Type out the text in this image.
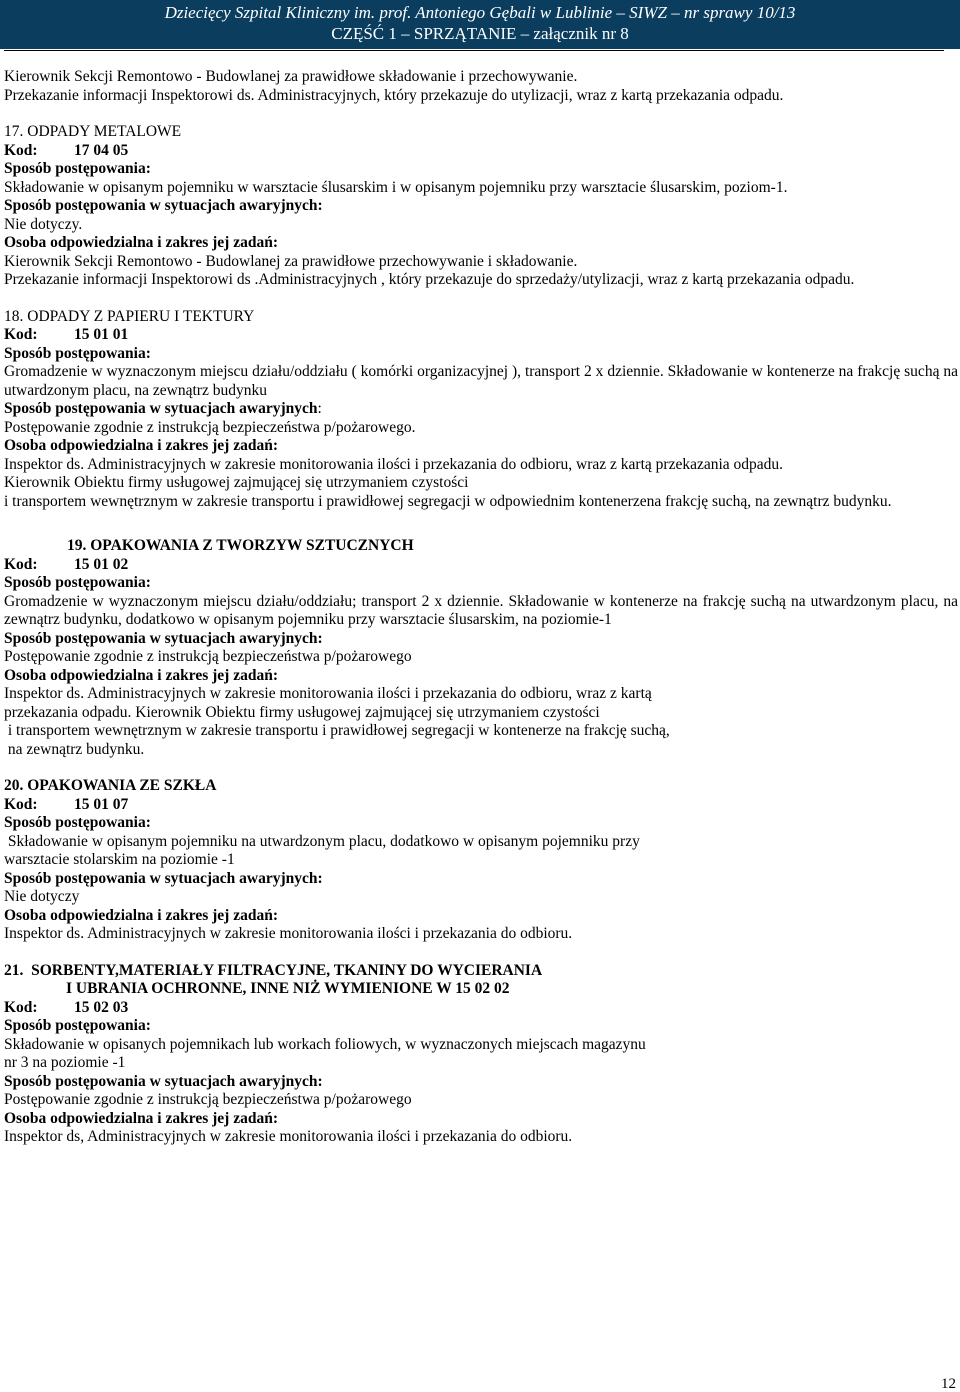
Dziecięcy Szpital Kliniczny im. prof. Antoniego Gębali w Lublinie – SIWZ – nr sprawy 10/13
CZĘŚĆ 1 – SPRZĄTANIE – załącznik nr 8

Kierownik Sekcji Remontowo - Budowlanej za prawidłowe składowanie i przechowywanie.

Przekazanie informacji Inspektorowi ds. Administracyjnych, który przekazuje do utylizacji, wraz z kartą przekazania odpadu.

17. ODPADY METALOWE

Kod: 17 04 05

Sposób postępowania:

Składowanie w opisanym pojemniku w warsztacie ślusarskim i w opisanym pojemniku przy warsztacie ślusarskim, poziom-1.

Sposób postępowania w sytuacjach awaryjnych:

Nie dotyczy.

Osoba odpowiedzialna i zakres jej zadań:

Kierownik Sekcji Remontowo - Budowlanej za prawidłowe przechowywanie i składowanie.

Przekazanie informacji Inspektorowi ds .Administracyjnych , który przekazuje do sprzedaży/utylizacji, wraz z kartą przekazania odpadu.

18. ODPADY Z PAPIERU I TEKTURY

Kod: 15 01 01

Sposób postępowania:

Gromadzenie w wyznaczonym miejscu działu/oddziału ( komórki organizacyjnej ), transport 2 x dziennie. Składowanie w kontenerze na frakcję suchą na utwardzonym placu, na zewnątrz budynku

Sposób postępowania w sytuacjach awaryjnych:

Postępowanie zgodnie z instrukcją bezpieczeństwa p/pożarowego.

Osoba odpowiedzialna i zakres jej zadań:

Inspektor ds. Administracyjnych w zakresie monitorowania ilości i przekazania do odbioru, wraz z kartą przekazania odpadu.

Kierownik Obiektu firmy usługowej zajmującej się utrzymaniem czystości

i transportem wewnętrznym w zakresie transportu i prawidłowej segregacji w odpowiednim kontenerzena frakcję suchą, na zewnątrz budynku.

19. OPAKOWANIA Z TWORZYW SZTUCZNYCH

Kod: 15 01 02

Sposób postępowania:

Gromadzenie w wyznaczonym miejscu działu/oddziału; transport 2 x dziennie. Składowanie w kontenerze na frakcję suchą na utwardzonym placu, na zewnątrz budynku, dodatkowo w opisanym pojemniku przy warsztacie ślusarskim, na poziomie-1

Sposób postępowania w sytuacjach awaryjnych:

Postępowanie zgodnie z instrukcją bezpieczeństwa p/pożarowego

Osoba odpowiedzialna i zakres jej zadań:

Inspektor ds. Administracyjnych w zakresie monitorowania ilości i przekazania do odbioru, wraz z kartą

przekazania odpadu. Kierownik Obiektu firmy usługowej zajmującej się utrzymaniem czystości

i transportem wewnętrznym w zakresie transportu i prawidłowej segregacji w kontenerze na frakcję suchą,

na zewnątrz budynku.

20. OPAKOWANIA ZE SZKŁA

Kod: 15 01 07

Sposób postępowania:

Składowanie w opisanym pojemniku na utwardzonym placu, dodatkowo w opisanym pojemniku przy

warsztacie stolarskim na poziomie -1

Sposób postępowania w sytuacjach awaryjnych:

Nie dotyczy

Osoba odpowiedzialna i zakres jej zadań:

Inspektor ds. Administracyjnych w zakresie monitorowania ilości i przekazania do odbioru.

21.  SORBENTY,MATERIAŁY FILTRACYJNE, TKANINY DO WYCIERANIA

I UBRANIA OCHRONNE, INNE NIŻ WYMIENIONE W 15 02 02

Kod: 15 02 03

Sposób postępowania:

Składowanie w opisanych pojemnikach lub workach foliowych, w wyznaczonych miejscach magazynu

nr 3 na poziomie -1

Sposób postępowania w sytuacjach awaryjnych:

Postępowanie zgodnie z instrukcją bezpieczeństwa p/pożarowego

Osoba odpowiedzialna i zakres jej zadań:

Inspektor ds, Administracyjnych w zakresie monitorowania ilości i przekazania do odbioru.

12
